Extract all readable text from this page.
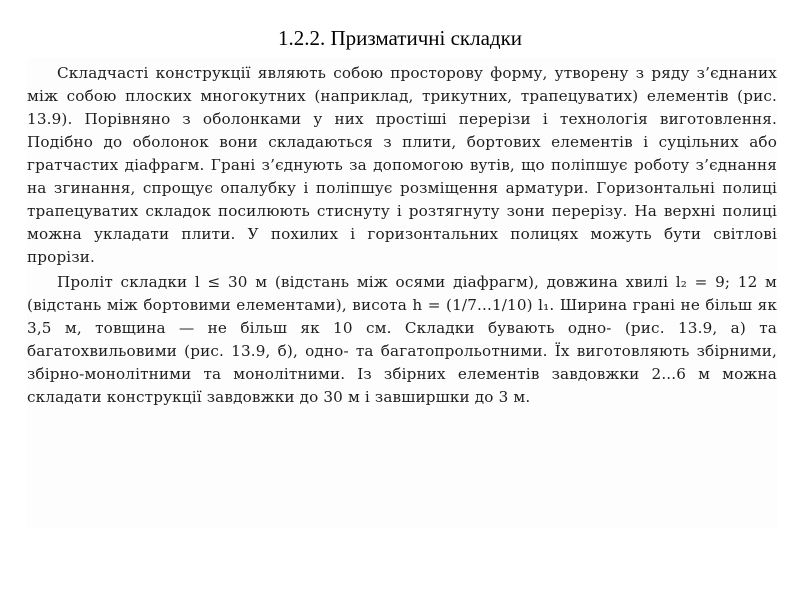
1.2.2. Призматичні складки

Складчасті конструкції являють собою просторову форму, утворену з ряду з’єднаних між собою плоских многокутних (наприклад, трикутних, трапецуватих) елементів (рис. 13.9). Порівняно з оболонками у них простіші перерізи і технологія виготовлення. Подібно до оболонок вони складаються з плити, бортових елементів і суцільних або гратчастих діафрагм. Грані з’єднують за допомогою вутів, що поліпшує роботу з’єднання на згинання, спрощує опалубку і поліпшує розміщення арматури. Горизонтальні полиці трапецуватих складок посилюють стиснуту і розтягнуту зони перерізу. На верхні полиці можна укладати плити. У похилих і горизонтальних полицях можуть бути світлові прорізи.

Проліт складки l ≤ 30 м (відстань між осями діафрагм), довжина хвилі l₂ = 9; 12 м (відстань між бортовими елементами), висота h = (1/7...1/10) l₁. Ширина грані не більш як 3,5 м, товщина — не більш як 10 см. Складки бувають одно- (рис. 13.9, а) та багатохвильовими (рис. 13.9, б), одно- та багатопрольотними. Їх виготовляють збірними, збірно-монолітними та монолітними. Із збірних елементів завдовжки 2...6 м можна складати конструкції завдовжки до 30 м і завширшки до 3 м.
